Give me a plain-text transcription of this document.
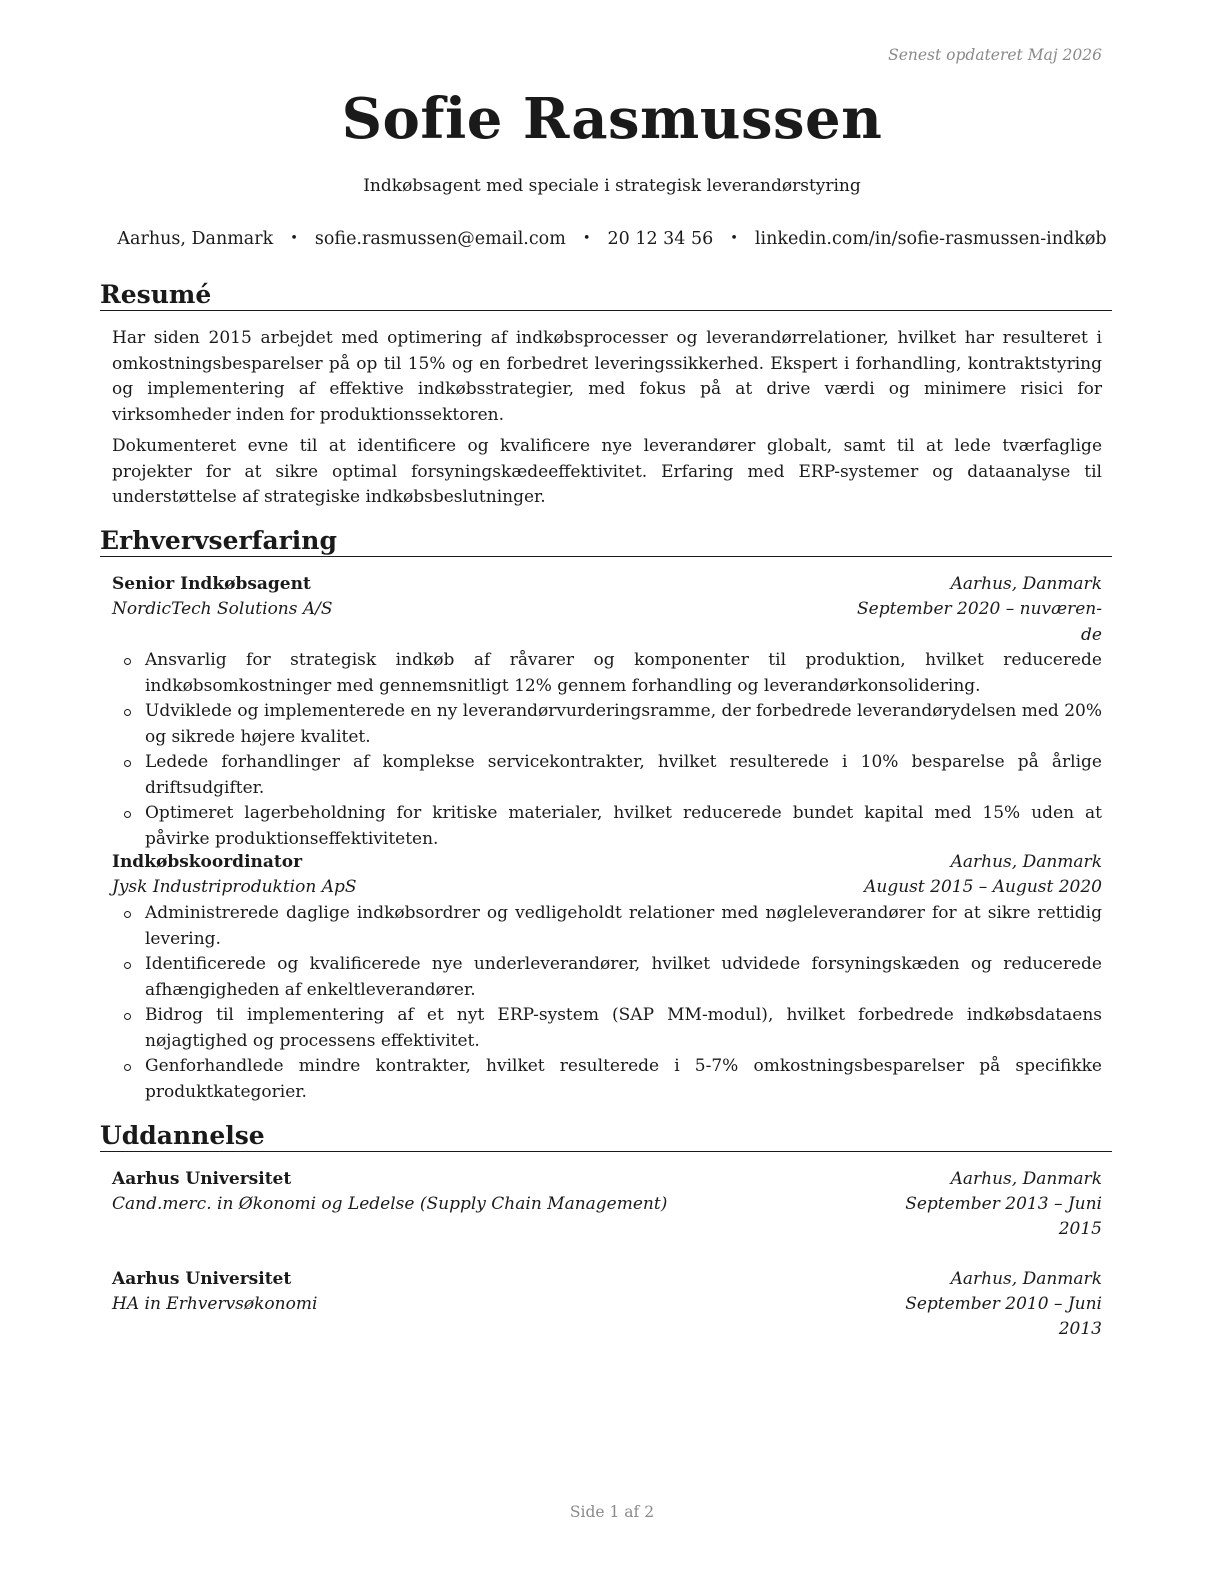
Senest opdateret Maj 2026
Sofie Rasmussen
Indkøbsagent med speciale i strategisk leverandørstyring
Aarhus, Danmark • sofie.rasmussen@email.com • 20 12 34 56 • linkedin.com/in/sofie-rasmussen-indkøb
Resumé

Har siden 2015 arbejdet med optimering af indkøbsprocesser og leverandørrelationer, hvilket har resulteret i omkostningsbesparelser på op til 15% og en forbedret leveringssikkerhed. Ekspert i forhandling, kontraktstyring og implementering af effektive indkøbsstrategier, med fokus på at drive værdi og minimere risici for virksomheder inden for produktionssektoren.

Dokumenteret evne til at identificere og kvalificere nye leverandører globalt, samt til at lede tværfaglige projekter for at sikre optimal forsyningskædeeffektivitet. Erfaring med ERP-systemer og dataanalyse til understøttelse af strategiske indkøbsbeslutninger.

Erhvervserfaring
Senior Indkøbsagent	Aarhus, Danmark
NordicTech Solutions A/S	September 2020 – nuværen-
de
Ansvarlig for strategisk indkøb af råvarer og komponenter til produktion, hvilket reducerede indkøbsomkostninger med gennemsnitligt 12% gennem forhandling og leverandørkonsolidering.
Udviklede og implementerede en ny leverandørvurderingsramme, der forbedrede leverandørydelsen med 20% og sikrede højere kvalitet.
Ledede forhandlinger af komplekse servicekontrakter, hvilket resulterede i 10% besparelse på årlige driftsudgifter.
Optimeret lagerbeholdning for kritiske materialer, hvilket reducerede bundet kapital med 15% uden at påvirke produktionseffektiviteten.
Indkøbskoordinator	Aarhus, Danmark
Jysk Industriproduktion ApS	August 2015 – August 2020
Administrerede daglige indkøbsordrer og vedligeholdt relationer med nøgleleverandører for at sikre rettidig levering.
Identificerede og kvalificerede nye underleverandører, hvilket udvidede forsyningskæden og reducerede afhængigheden af enkeltleverandører.
Bidrog til implementering af et nyt ERP-system (SAP MM-modul), hvilket forbedrede indkøbsdataens nøjagtighed og processens effektivitet.
Genforhandlede mindre kontrakter, hvilket resulterede i 5-7% omkostningsbesparelser på specifikke produktkategorier.
Uddannelse
Aarhus Universitet	Aarhus, Danmark
Cand.merc. in Økonomi og Ledelse (Supply Chain Management)	September 2013 – Juni
2015
Aarhus Universitet	Aarhus, Danmark
HA in Erhvervsøkonomi	September 2010 – Juni
2013
Side 1 af 2
